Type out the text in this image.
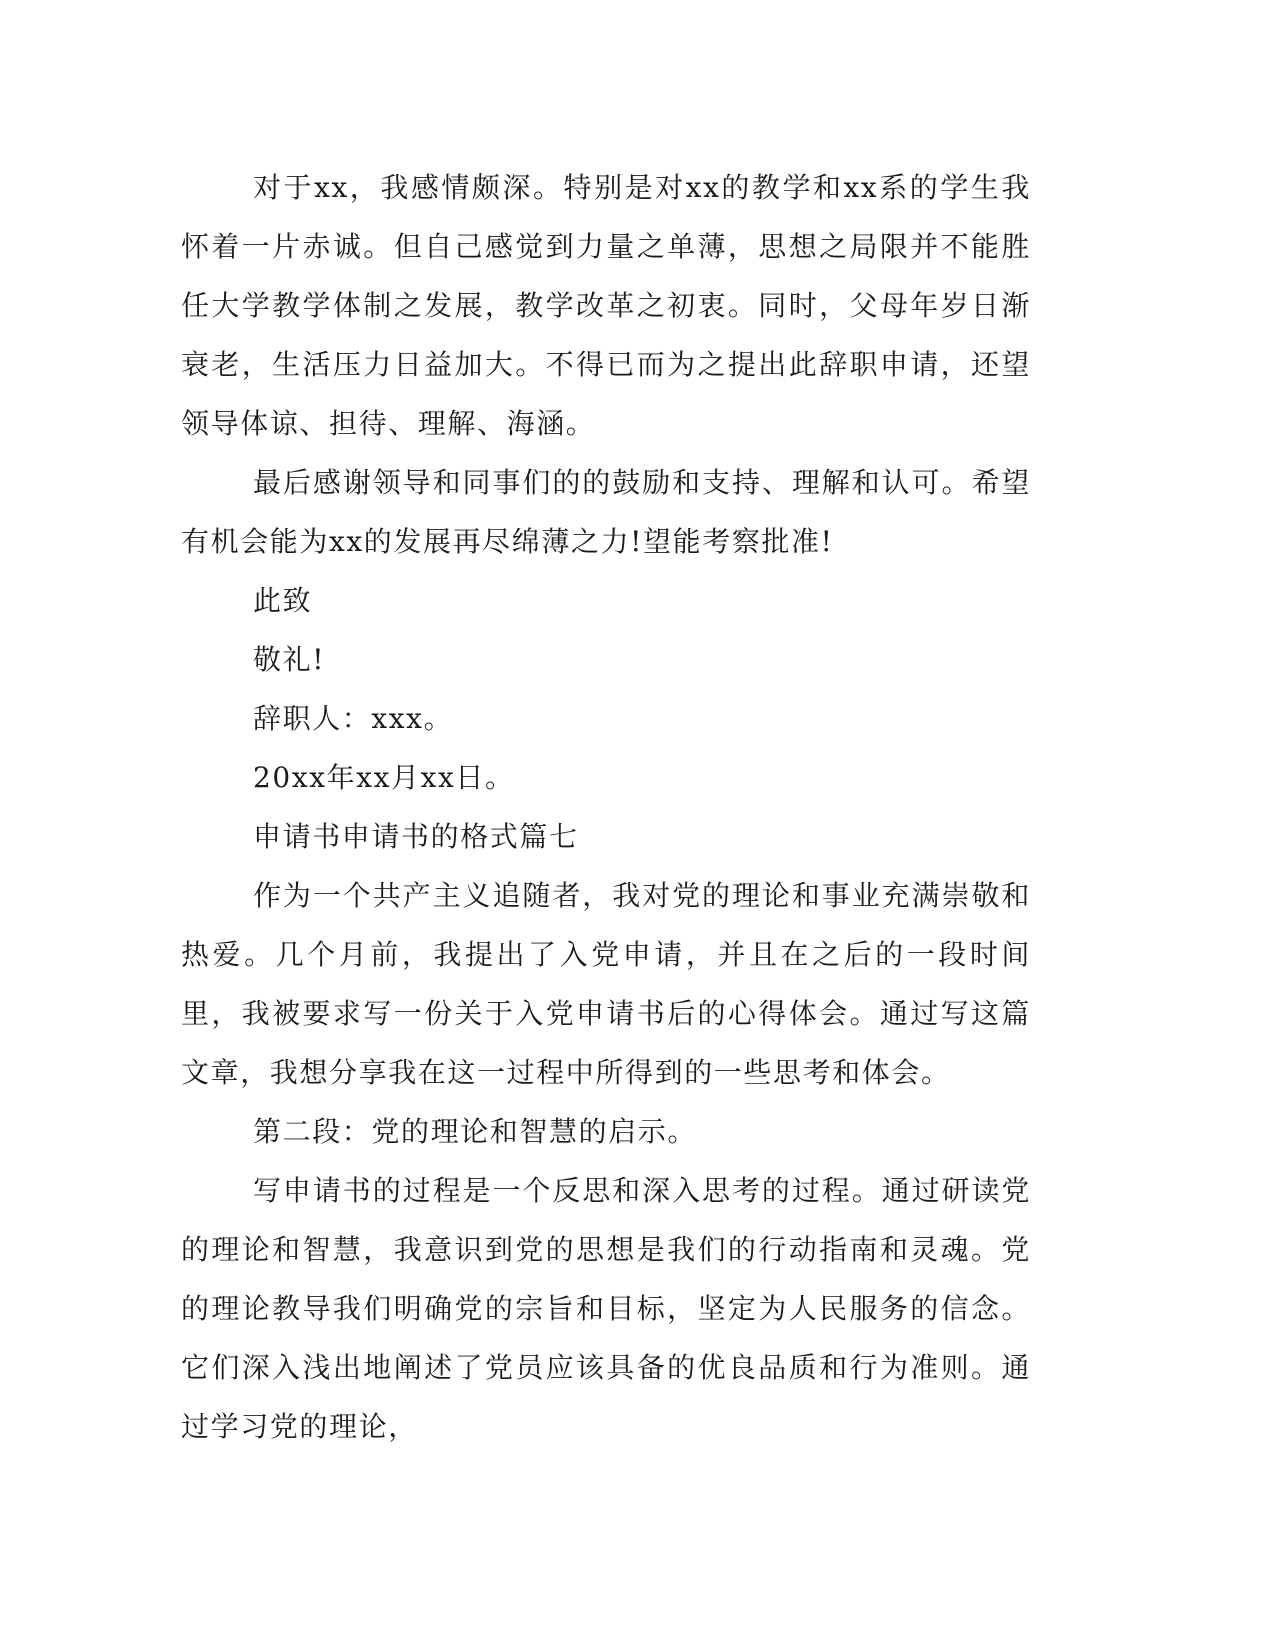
对于xx，我感情颇深。特别是对xx的教学和xx系的学生我怀着一片赤诚。但自己感觉到力量之单薄，思想之局限并不能胜任大学教学体制之发展，教学改革之初衷。同时，父母年岁日渐衰老，生活压力日益加大。不得已而为之提出此辞职申请，还望领导体谅、担待、理解、海涵。

最后感谢领导和同事们的的鼓励和支持、理解和认可。希望有机会能为xx的发展再尽绵薄之力!望能考察批准!

此致

敬礼!

辞职人：xxx。

20xx年xx月xx日。

申请书申请书的格式篇七

作为一个共产主义追随者，我对党的理论和事业充满崇敬和热爱。几个月前，我提出了入党申请，并且在之后的一段时间里，我被要求写一份关于入党申请书后的心得体会。通过写这篇文章，我想分享我在这一过程中所得到的一些思考和体会。

第二段：党的理论和智慧的启示。

写申请书的过程是一个反思和深入思考的过程。通过研读党的理论和智慧，我意识到党的思想是我们的行动指南和灵魂。党的理论教导我们明确党的宗旨和目标，坚定为人民服务的信念。它们深入浅出地阐述了党员应该具备的优良品质和行为准则。通过学习党的理论，
